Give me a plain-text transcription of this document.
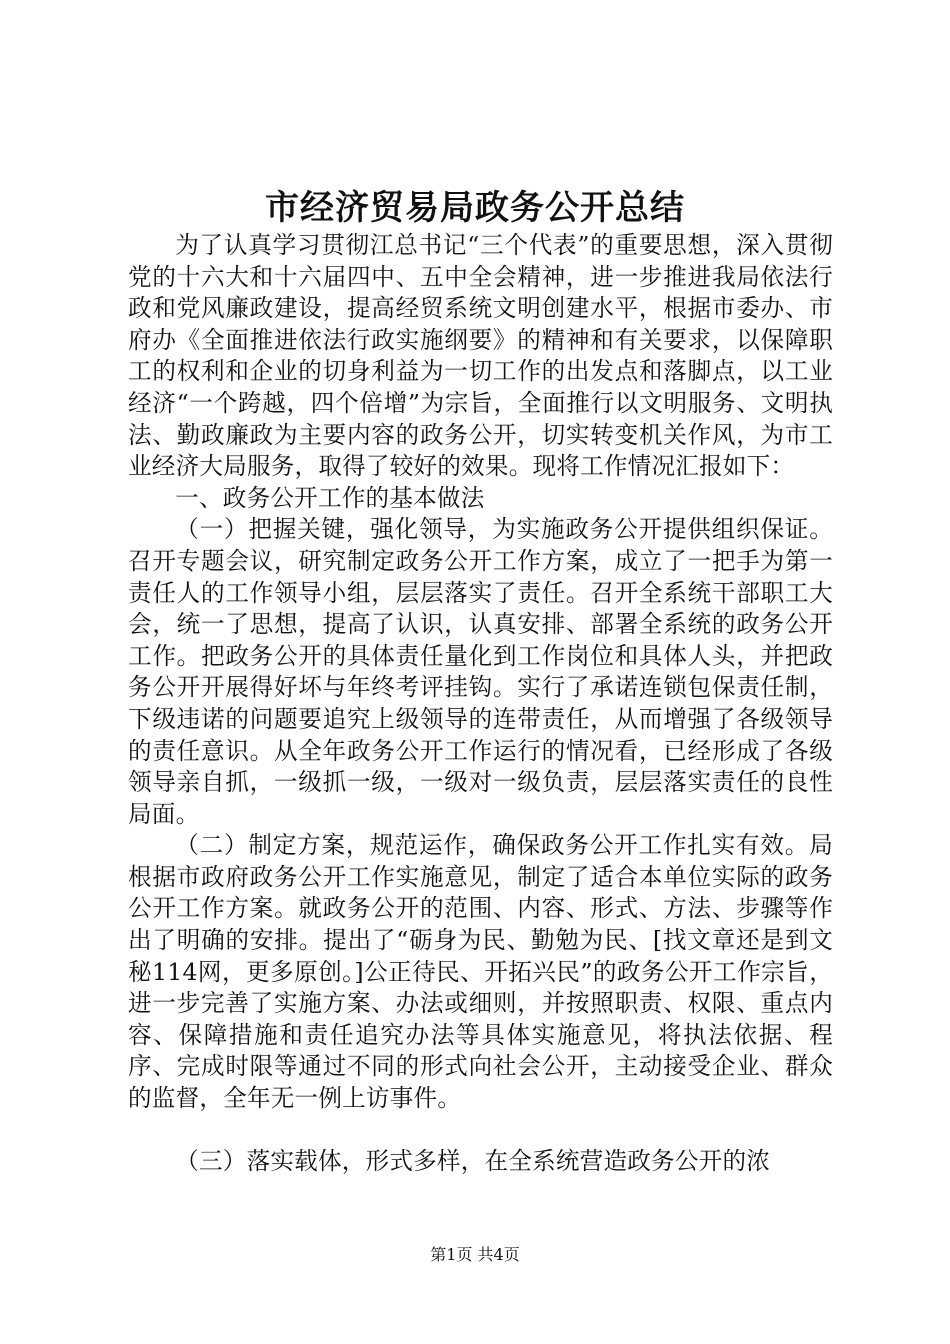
市经济贸易局政务公开总结

为了认真学习贯彻江总书记“三个代表”的重要思想，深入贯彻党的十六大和十六届四中、五中全会精神，进一步推进我局依法行政和党风廉政建设，提高经贸系统文明创建水平，根据市委办、市府办《全面推进依法行政实施纲要》的精神和有关要求，以保障职工的权利和企业的切身利益为一切工作的出发点和落脚点，以工业经济“一个跨越，四个倍增”为宗旨，全面推行以文明服务、文明执法、勤政廉政为主要内容的政务公开，切实转变机关作风，为市工业经济大局服务，取得了较好的效果。现将工作情况汇报如下：

一、政务公开工作的基本做法

（一）把握关键，强化领导，为实施政务公开提供组织保证。召开专题会议，研究制定政务公开工作方案，成立了一把手为第一责任人的工作领导小组，层层落实了责任。召开全系统干部职工大会，统一了思想，提高了认识，认真安排、部署全系统的政务公开工作。把政务公开的具体责任量化到工作岗位和具体人头，并把政务公开开展得好坏与年终考评挂钩。实行了承诺连锁包保责任制，下级违诺的问题要追究上级领导的连带责任，从而增强了各级领导的责任意识。从全年政务公开工作运行的情况看，已经形成了各级领导亲自抓，一级抓一级，一级对一级负责，层层落实责任的良性局面。

（二）制定方案，规范运作，确保政务公开工作扎实有效。局根据市政府政务公开工作实施意见，制定了适合本单位实际的政务公开工作方案。就政务公开的范围、内容、形式、方法、步骤等作出了明确的安排。提出了“砺身为民、勤勉为民、[找文章还是到文秘114网，更多原创。]公正待民、开拓兴民”的政务公开工作宗旨，进一步完善了实施方案、办法或细则，并按照职责、权限、重点内容、保障措施和责任追究办法等具体实施意见，将执法依据、程序、完成时限等通过不同的形式向社会公开，主动接受企业、群众的监督，全年无一例上访事件。

（三）落实载体，形式多样，在全系统营造政务公开的浓

第1页 共4页
